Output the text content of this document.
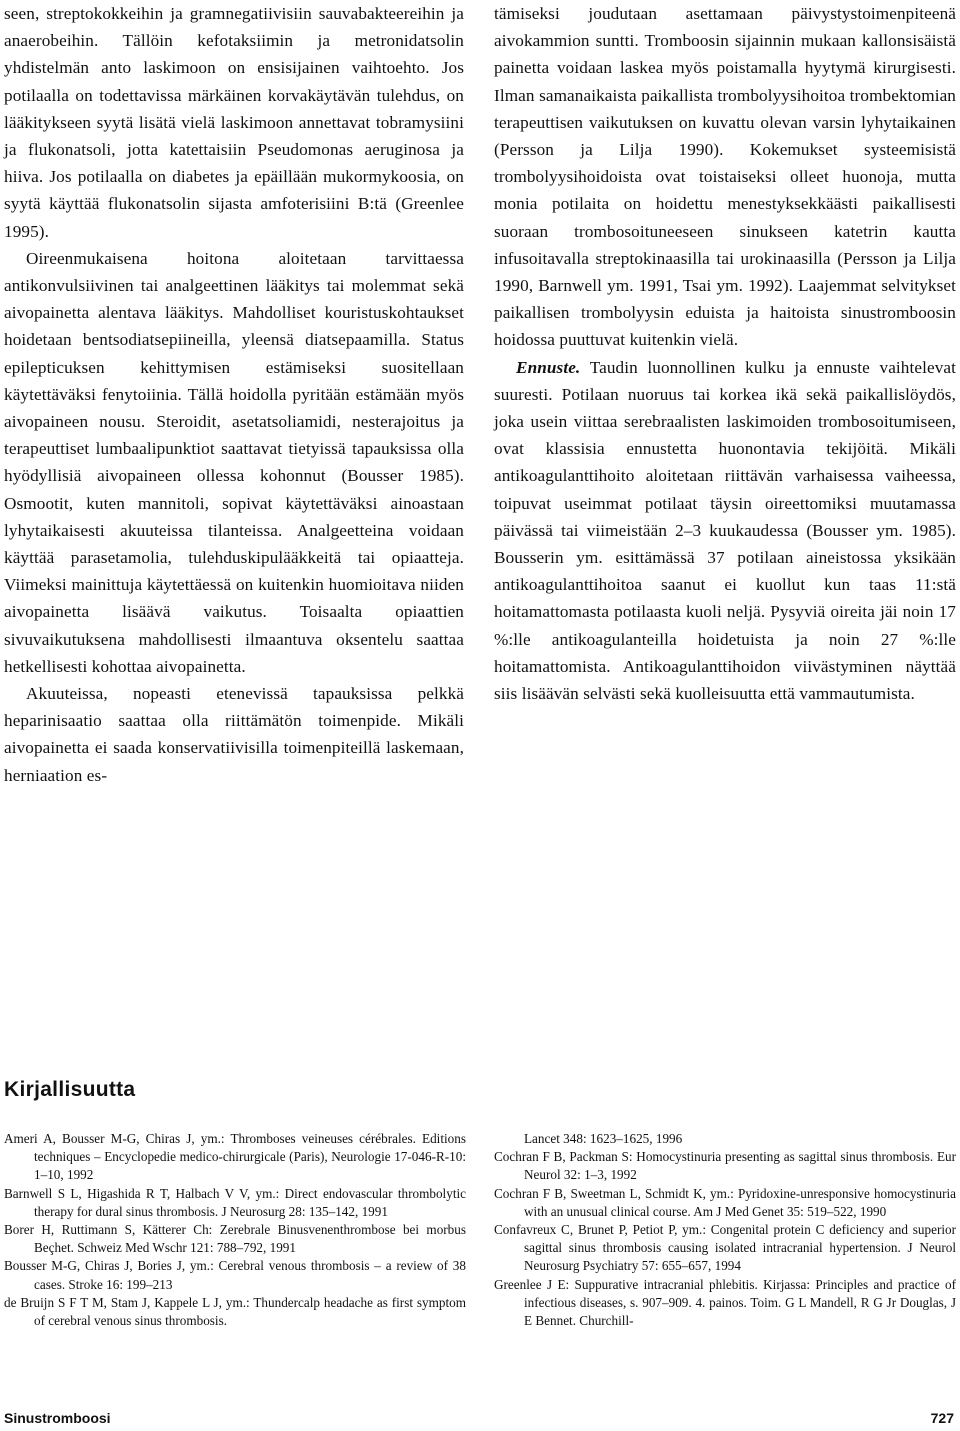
seen, streptokokkeihin ja gramnegatiivisiin sauvabakteereihin ja anaerobeihin. Tällöin kefotaksiimin ja metronidatsolin yhdistelmän anto laskimoon on ensisijainen vaihtoehto. Jos potilaalla on todettavissa märkäinen korvakäytävän tulehdus, on lääkitykseen syytä lisätä vielä laskimoon annettavat tobramysiini ja flukonatsoli, jotta katettaisiin Pseudomonas aeruginosa ja hiiva. Jos potilaalla on diabetes ja epäillään mukormykoosia, on syytä käyttää flukonatsolin sijasta amfoterisiini B:tä (Greenlee 1995).

Oireenmukaisena hoitona aloitetaan tarvittaessa antikonvulsiivinen tai analgeettinen lääkitys tai molemmat sekä aivopainetta alentava lääkitys. Mahdolliset kouristuskohtaukset hoidetaan bentsodiatsepiineilla, yleensä diatsepaamilla. Status epilepticuksen kehittymisen estämiseksi suositellaan käytettäväksi fenytoiinia. Tällä hoidolla pyritään estämään myös aivopaineen nousu. Steroidit, asetatsoliamidi, nesterajoitus ja terapeuttiset lumbaalipunktiot saattavat tietyissä tapauksissa olla hyödyllisiä aivopaineen ollessa kohonnut (Bousser 1985). Osmootit, kuten mannitoli, sopivat käytettäväksi ainoastaan lyhytaikaisesti akuuteissa tilanteissa. Analgeetteina voidaan käyttää parasetamolia, tulehduskipulääkkeitä tai opiaatteja. Viimeksi mainittuja käytettäessä on kuitenkin huomioitava niiden aivopainetta lisäävä vaikutus. Toisaalta opiaattien sivuvaikutuksena mahdollisesti ilmaantuva oksentelu saattaa hetkellisesti kohottaa aivopainetta.

Akuuteissa, nopeasti etenevissä tapauksissa pelkkä heparinisaatio saattaa olla riittämätön toimenpide. Mikäli aivopainetta ei saada konservatiivisilla toimenpiteillä laskemaan, herniaation es-

tämiseksi joudutaan asettamaan päivystystoimenpiteenä aivokammion suntti. Tromboosin sijainnin mukaan kallonsisäistä painetta voidaan laskea myös poistamalla hyytymä kirurgisesti. Ilman samanaikaista paikallista trombolyysihoitoa trombektomian terapeuttisen vaikutuksen on kuvattu olevan varsin lyhytaikainen (Persson ja Lilja 1990). Kokemukset systeemisistä trombolyysihoidoista ovat toistaiseksi olleet huonoja, mutta monia potilaita on hoidettu menestyksekkäästi paikallisesti suoraan trombosoituneeseen sinukseen katetrin kautta infusoitavalla streptokinaasilla tai urokinaasilla (Persson ja Lilja 1990, Barnwell ym. 1991, Tsai ym. 1992). Laajemmat selvitykset paikallisen trombolyysin eduista ja haitoista sinustromboosin hoidossa puuttuvat kuitenkin vielä.

Ennuste. Taudin luonnollinen kulku ja ennuste vaihtelevat suuresti. Potilaan nuoruus tai korkea ikä sekä paikallislöydös, joka usein viittaa serebraalisten laskimoiden trombosoitumiseen, ovat klassisia ennustetta huonontavia tekijöitä. Mikäli antikoagulanttihoito aloitetaan riittävän varhaisessa vaiheessa, toipuvat useimmat potilaat täysin oireettomiksi muutamassa päivässä tai viimeistään 2–3 kuukaudessa (Bousser ym. 1985). Bousserin ym. esittämässä 37 potilaan aineistossa yksikään antikoagulanttihoitoa saanut ei kuollut kun taas 11:stä hoitamattomasta potilaasta kuoli neljä. Pysyviä oireita jäi noin 17 %:lle antikoagulanteilla hoidetuista ja noin 27 %:lle hoitamattomista. Antikoagulanttihoidon viivästyminen näyttää siis lisäävän selvästi sekä kuolleisuutta että vammautumista.

Kirjallisuutta

Ameri A, Bousser M-G, Chiras J, ym.: Thromboses veineuses cérébrales. Editions techniques – Encyclopedie medico-chirurgicale (Paris), Neurologie 17-046-R-10: 1–10, 1992

Barnwell S L, Higashida R T, Halbach V V, ym.: Direct endovascular thrombolytic therapy for dural sinus thrombosis. J Neurosurg 28: 135–142, 1991

Borer H, Ruttimann S, Kätterer Ch: Zerebrale Binusvenenthrombose bei morbus Beçhet. Schweiz Med Wschr 121: 788–792, 1991

Bousser M-G, Chiras J, Bories J, ym.: Cerebral venous thrombosis – a review of 38 cases. Stroke 16: 199–213

de Bruijn S F T M, Stam J, Kappele L J, ym.: Thundercalp headache as first symptom of cerebral venous sinus thrombosis.

Lancet 348: 1623–1625, 1996

Cochran F B, Packman S: Homocystinuria presenting as sagittal sinus thrombosis. Eur Neurol 32: 1–3, 1992

Cochran F B, Sweetman L, Schmidt K, ym.: Pyridoxine-unresponsive homocystinuria with an unusual clinical course. Am J Med Genet 35: 519–522, 1990

Confavreux C, Brunet P, Petiot P, ym.: Congenital protein C deficiency and superior sagittal sinus thrombosis causing isolated intracranial hypertension. J Neurol Neurosurg Psychiatry 57: 655–657, 1994

Greenlee J E: Suppurative intracranial phlebitis. Kirjassa: Principles and practice of infectious diseases, s. 907–909. 4. painos. Toim. G L Mandell, R G Jr Douglas, J E Bennet. Churchill-

Sinustromboosi	727
